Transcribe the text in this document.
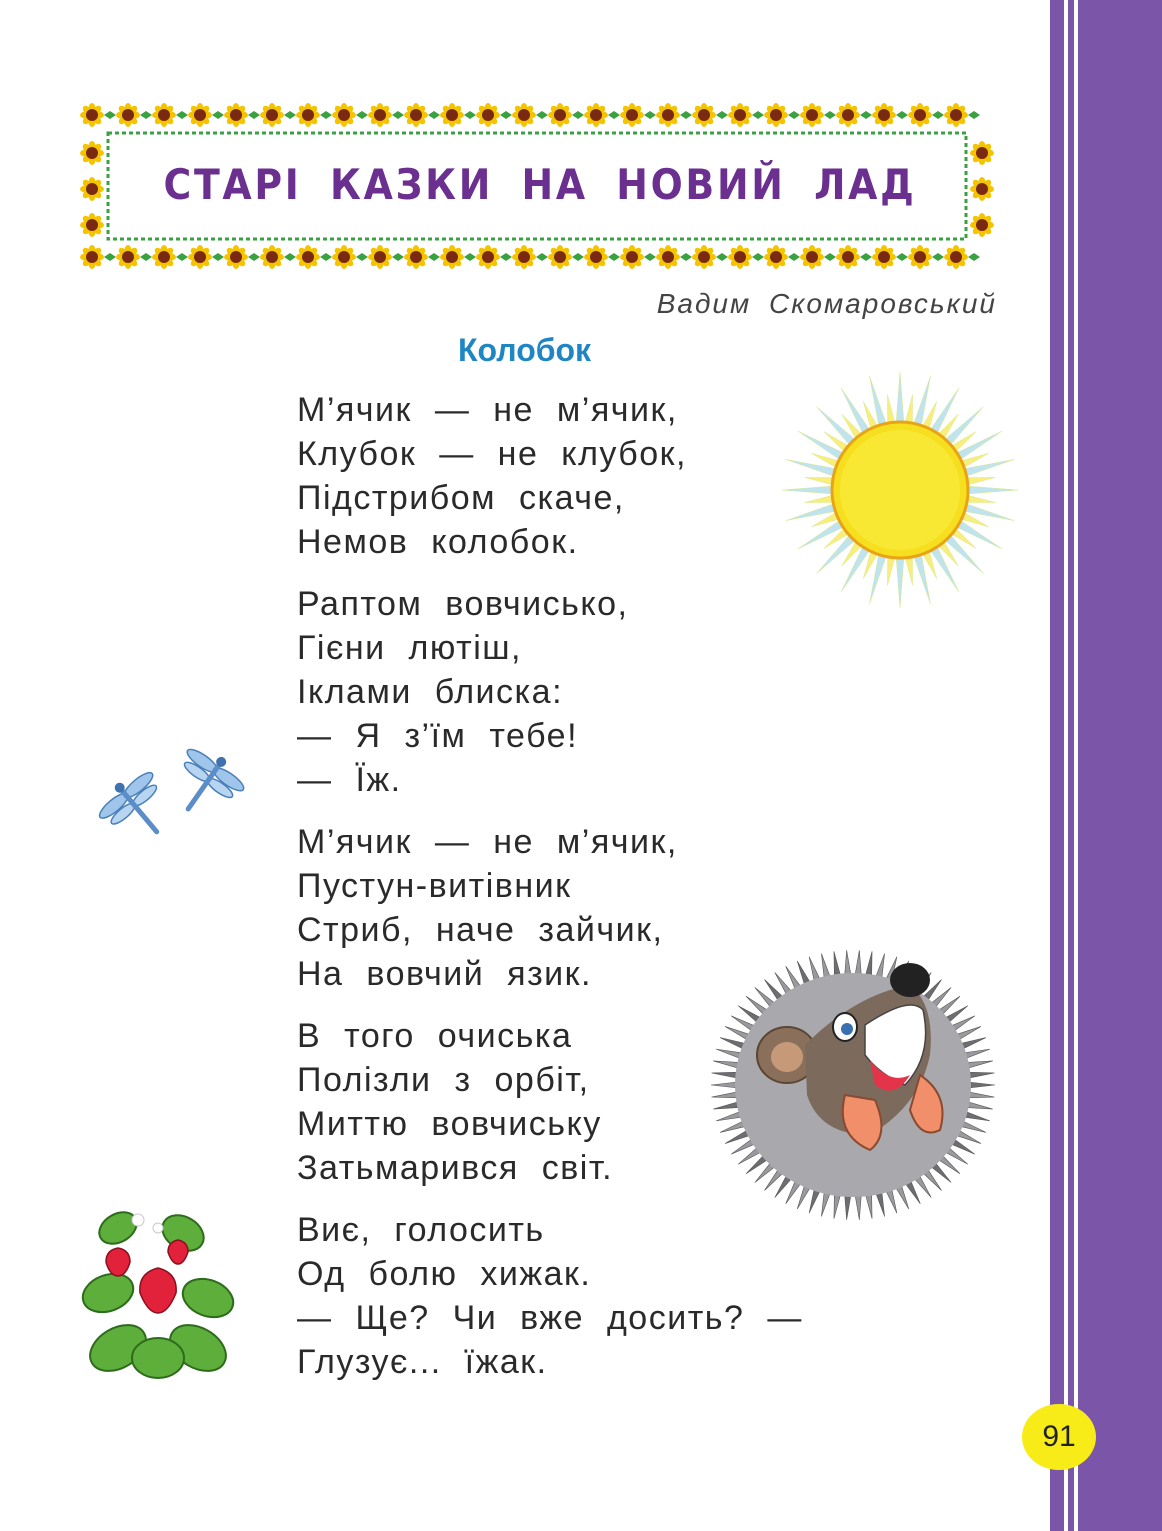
СТАРІ КАЗКИ НА НОВИЙ ЛАД
Вадим Скомаровський
Колобок
М’ячик — не м’ячик,
Клубок — не клубок,
Підстрибом скаче,
Немов колобок.
Раптом вовчисько,
Гієни лютіш,
Іклами блиска:
— Я з’їм тебе!
— Їж.
М’ячик — не м’ячик,
Пустун-витівник
Стриб, наче зайчик,
На вовчий язик.
В того очиська
Полізли з орбіт,
Миттю вовчиську
Затьмарився світ.
Виє, голосить
Од болю хижак.
— Ще? Чи вже досить? —
Глузує... їжак.
91
